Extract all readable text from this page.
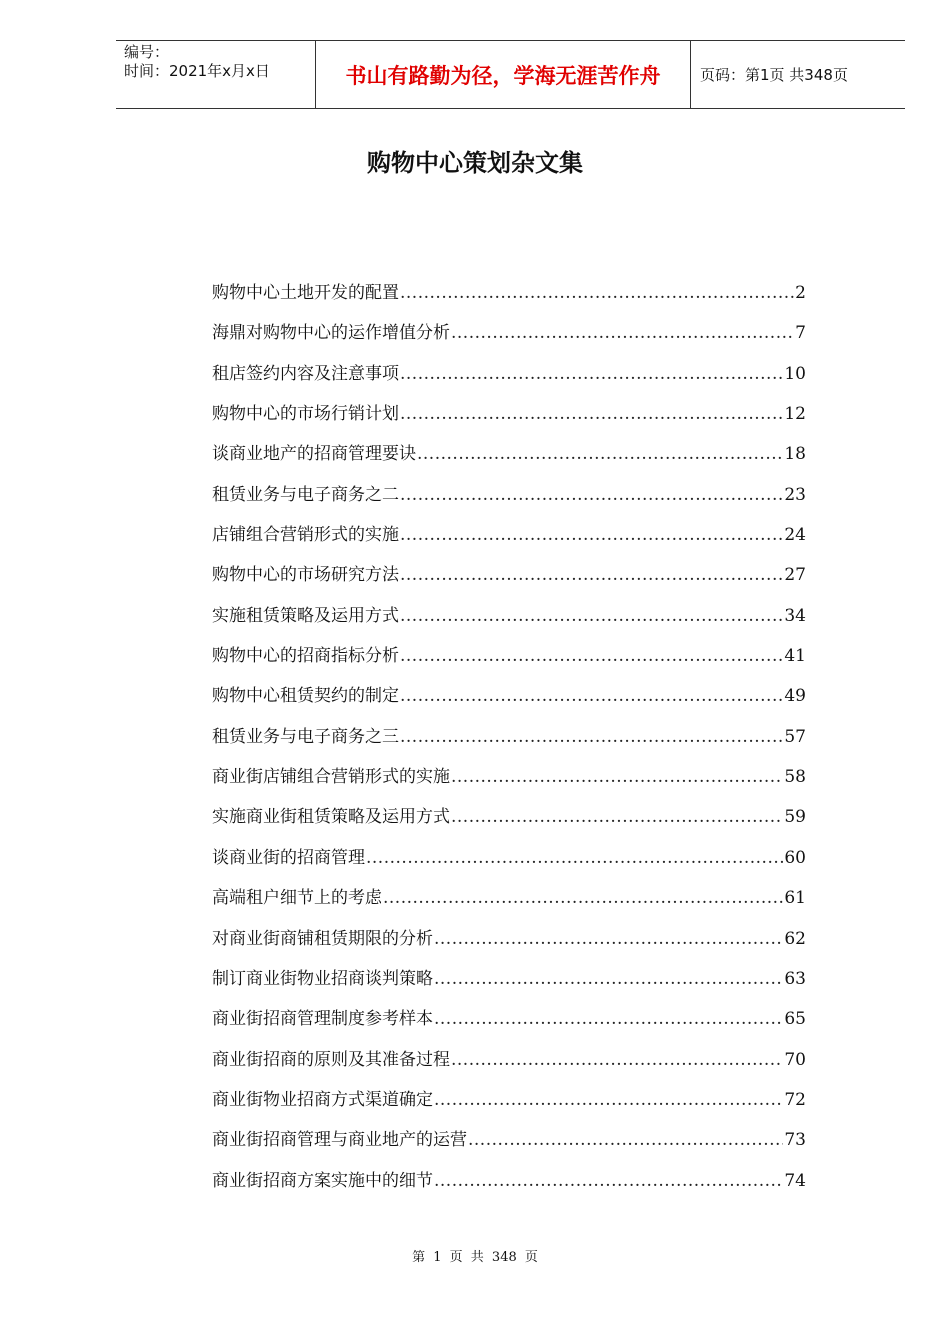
编号：
时间：2021年x月x日	书山有路勤为径，学海无涯苦作舟	页码：第1页 共348页
购物中心策划杂文集
购物中心土地开发的配置 .....	2
海鼎对购物中心的运作增值分析 .....	7
租店签约内容及注意事项 .....	10
购物中心的市场行销计划 .....	12
谈商业地产的招商管理要诀 .....	18
租赁业务与电子商务之二 .....	23
店铺组合营销形式的实施 .....	24
购物中心的市场研究方法 .....	27
实施租赁策略及运用方式 .....	34
购物中心的招商指标分析 .....	41
购物中心租赁契约的制定 .....	49
租赁业务与电子商务之三 .....	57
商业街店铺组合营销形式的实施 .....	58
实施商业街租赁策略及运用方式 .....	59
谈商业街的招商管理 .....	60
高端租户细节上的考虑 .....	61
对商业街商铺租赁期限的分析 .....	62
制订商业街物业招商谈判策略 .....	63
商业街招商管理制度参考样本 .....	65
商业街招商的原则及其准备过程 .....	70
商业街物业招商方式渠道确定 .....	72
商业街招商管理与商业地产的运营 .....	73
商业街招商方案实施中的细节 .....	74
第 1 页 共 348 页
